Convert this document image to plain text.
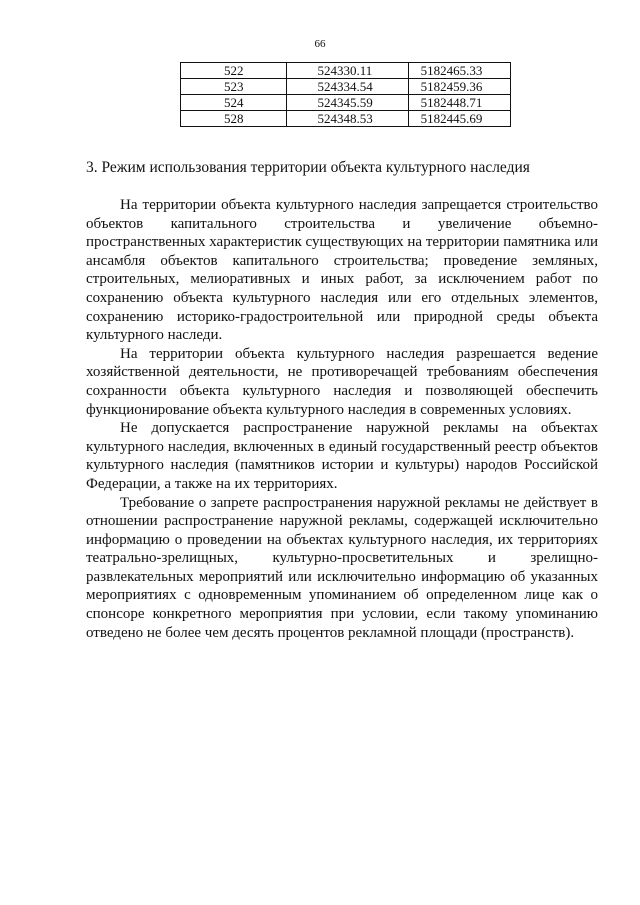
66
522	524330.11	5182465.33
523	524334.54	5182459.36
524	524345.59	5182448.71
528	524348.53	5182445.69
3. Режим использования территории объекта культурного наследия

На территории объекта культурного наследия запрещается строительство объектов капитального строительства и увеличение объемно-пространственных характеристик существующих на территории памятника или ансамбля объектов капитального строительства; проведение земляных, строительных, мелиоративных и иных работ, за исключением работ по сохранению объекта культурного наследия или его отдельных элементов, сохранению историко-градостроительной или природной среды объекта культурного наследи.

На территории объекта культурного наследия разрешается ведение хозяйственной деятельности, не противоречащей требованиям обеспечения сохранности объекта культурного наследия и позволяющей обеспечить функционирование объекта культурного наследия в современных условиях.

Не допускается распространение наружной рекламы на объектах культурного наследия, включенных в единый государственный реестр объектов культурного наследия (памятников истории и культуры) народов Российской Федерации, а также на их территориях.

Требование о запрете распространения наружной рекламы не действует в отношении распространение наружной рекламы, содержащей исключительно информацию о проведении на объектах культурного наследия, их территориях театрально-зрелищных, культурно-просветительных и зрелищно-развлекательных мероприятий или исключительно информацию об указанных мероприятиях с одновременным упоминанием об определенном лице как о спонсоре конкретного мероприятия при условии, если такому упоминанию отведено не более чем десять процентов рекламной площади (пространств).
